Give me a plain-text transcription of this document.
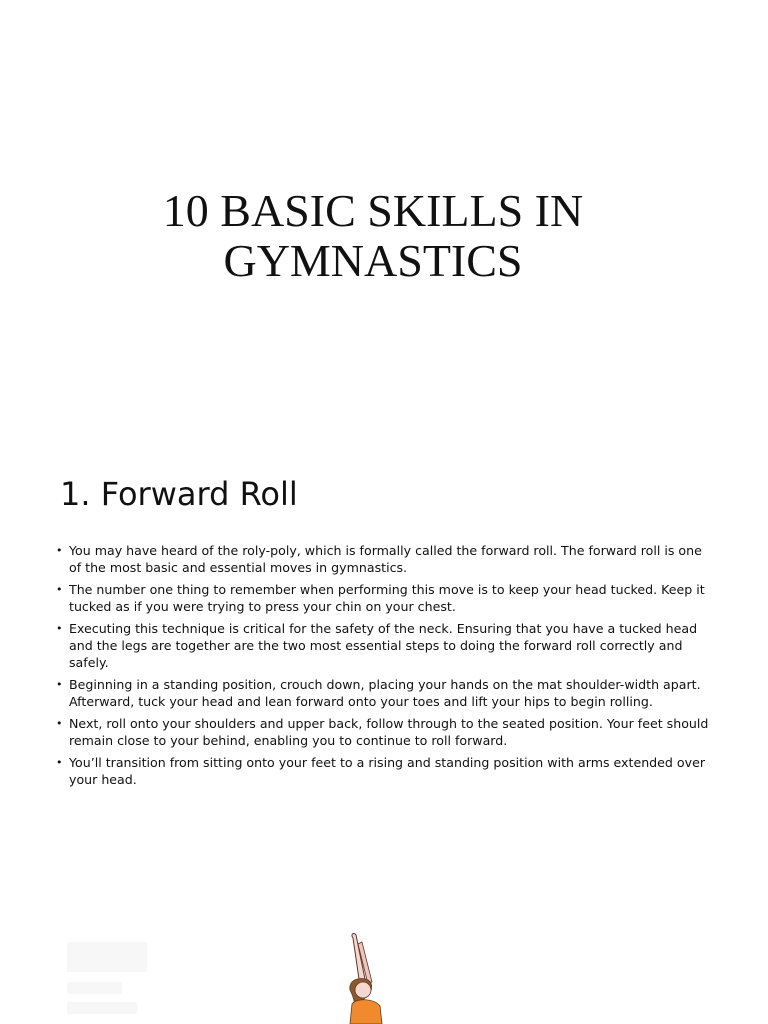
10 BASIC SKILLS IN
GYMNASTICS
1. Forward Roll
• You may have heard of the roly-poly, which is formally called the forward roll. The forward roll is one of the most basic and essential moves in gymnastics.
• The number one thing to remember when performing this move is to keep your head tucked. Keep it tucked as if you were trying to press your chin on your chest.
• Executing this technique is critical for the safety of the neck. Ensuring that you have a tucked head and the legs are together are the two most essential steps to doing the forward roll correctly and safely.
• Beginning in a standing position, crouch down, placing your hands on the mat shoulder-width apart. Afterward, tuck your head and lean forward onto your toes and lift your hips to begin rolling.
• Next, roll onto your shoulders and upper back, follow through to the seated position. Your feet should remain close to your behind, enabling you to continue to roll forward.
• You’ll transition from sitting onto your feet to a rising and standing position with arms extended over your head.
